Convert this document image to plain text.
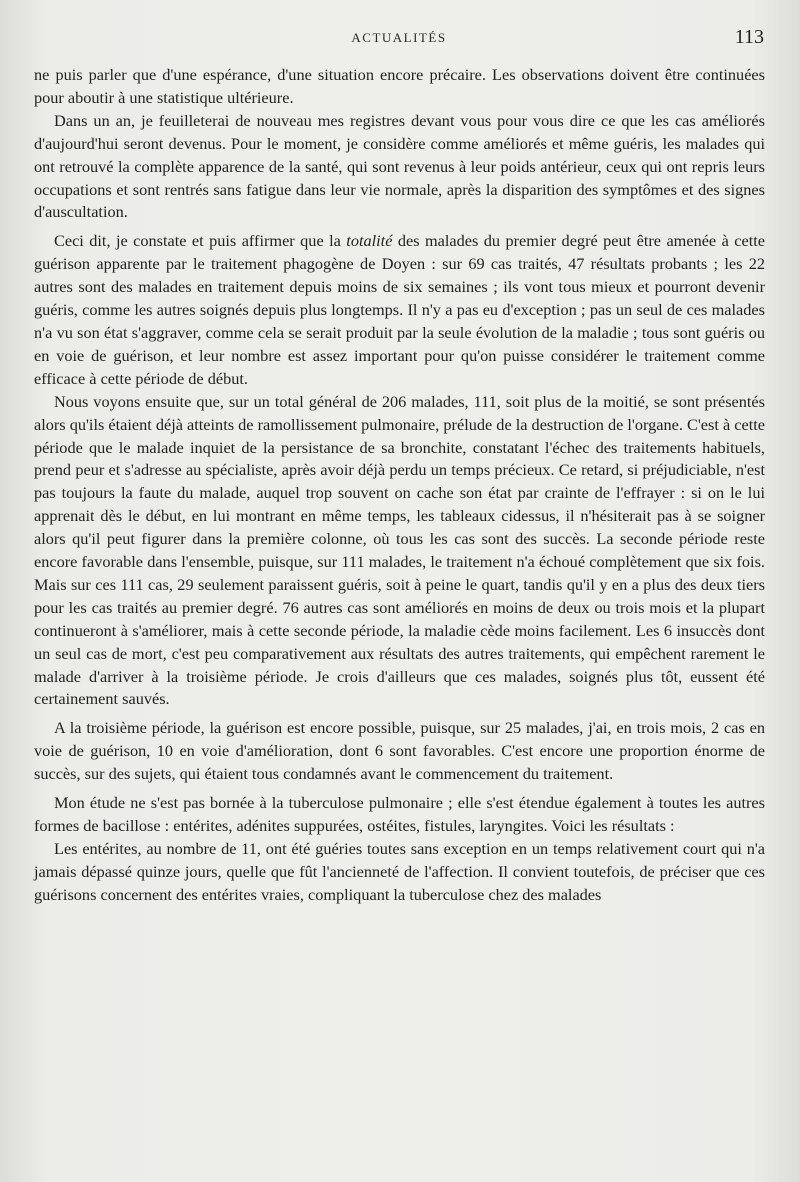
ACTUALITÉS	113

ne puis parler que d'une espérance, d'une situation encore précaire. Les observations doivent être continuées pour aboutir à une statistique ultérieure.

Dans un an, je feuilleterai de nouveau mes registres devant vous pour vous dire ce que les cas améliorés d'aujourd'hui seront devenus. Pour le moment, je considère comme améliorés et même guéris, les malades qui ont retrouvé la complète apparence de la santé, qui sont revenus à leur poids antérieur, ceux qui ont repris leurs occupations et sont rentrés sans fatigue dans leur vie normale, après la disparition des symptômes et des signes d'auscultation.

Ceci dit, je constate et puis affirmer que la totalité des malades du premier degré peut être amenée à cette guérison apparente par le traitement phagogène de Doyen : sur 69 cas traités, 47 résultats probants ; les 22 autres sont des malades en traitement depuis moins de six semaines ; ils vont tous mieux et pourront devenir guéris, comme les autres soignés depuis plus longtemps. Il n'y a pas eu d'exception ; pas un seul de ces malades n'a vu son état s'aggraver, comme cela se serait produit par la seule évolution de la maladie ; tous sont guéris ou en voie de guérison, et leur nombre est assez important pour qu'on puisse considérer le traitement comme efficace à cette période de début.

Nous voyons ensuite que, sur un total général de 206 malades, 111, soit plus de la moitié, se sont présentés alors qu'ils étaient déjà atteints de ramollissement pulmonaire, prélude de la destruction de l'organe. C'est à cette période que le malade inquiet de la persistance de sa bronchite, constatant l'échec des traitements habituels, prend peur et s'adresse au spécialiste, après avoir déjà perdu un temps précieux. Ce retard, si préjudiciable, n'est pas toujours la faute du malade, auquel trop souvent on cache son état par crainte de l'effrayer : si on le lui apprenait dès le début, en lui montrant en même temps, les tableaux cidessus, il n'hésiterait pas à se soigner alors qu'il peut figurer dans la première colonne, où tous les cas sont des succès. La seconde période reste encore favorable dans l'ensemble, puisque, sur 111 malades, le traitement n'a échoué complètement que six fois. Mais sur ces 111 cas, 29 seulement paraissent guéris, soit à peine le quart, tandis qu'il y en a plus des deux tiers pour les cas traités au premier degré. 76 autres cas sont améliorés en moins de deux ou trois mois et la plupart continueront à s'améliorer, mais à cette seconde période, la maladie cède moins facilement. Les 6 insuccès dont un seul cas de mort, c'est peu comparativement aux résultats des autres traitements, qui empêchent rarement le malade d'arriver à la troisième période. Je crois d'ailleurs que ces malades, soignés plus tôt, eussent été certainement sauvés.

A la troisième période, la guérison est encore possible, puisque, sur 25 malades, j'ai, en trois mois, 2 cas en voie de guérison, 10 en voie d'amélioration, dont 6 sont favorables. C'est encore une proportion énorme de succès, sur des sujets, qui étaient tous condamnés avant le commencement du traitement.

Mon étude ne s'est pas bornée à la tuberculose pulmonaire ; elle s'est étendue également à toutes les autres formes de bacillose : entérites, adénites suppurées, ostéites, fistules, laryngites. Voici les résultats :

Les entérites, au nombre de 11, ont été guéries toutes sans exception en un temps relativement court qui n'a jamais dépassé quinze jours, quelle que fût l'ancienneté de l'affection. Il convient toutefois, de préciser que ces guérisons concernent des entérites vraies, compliquant la tuberculose chez des malades
